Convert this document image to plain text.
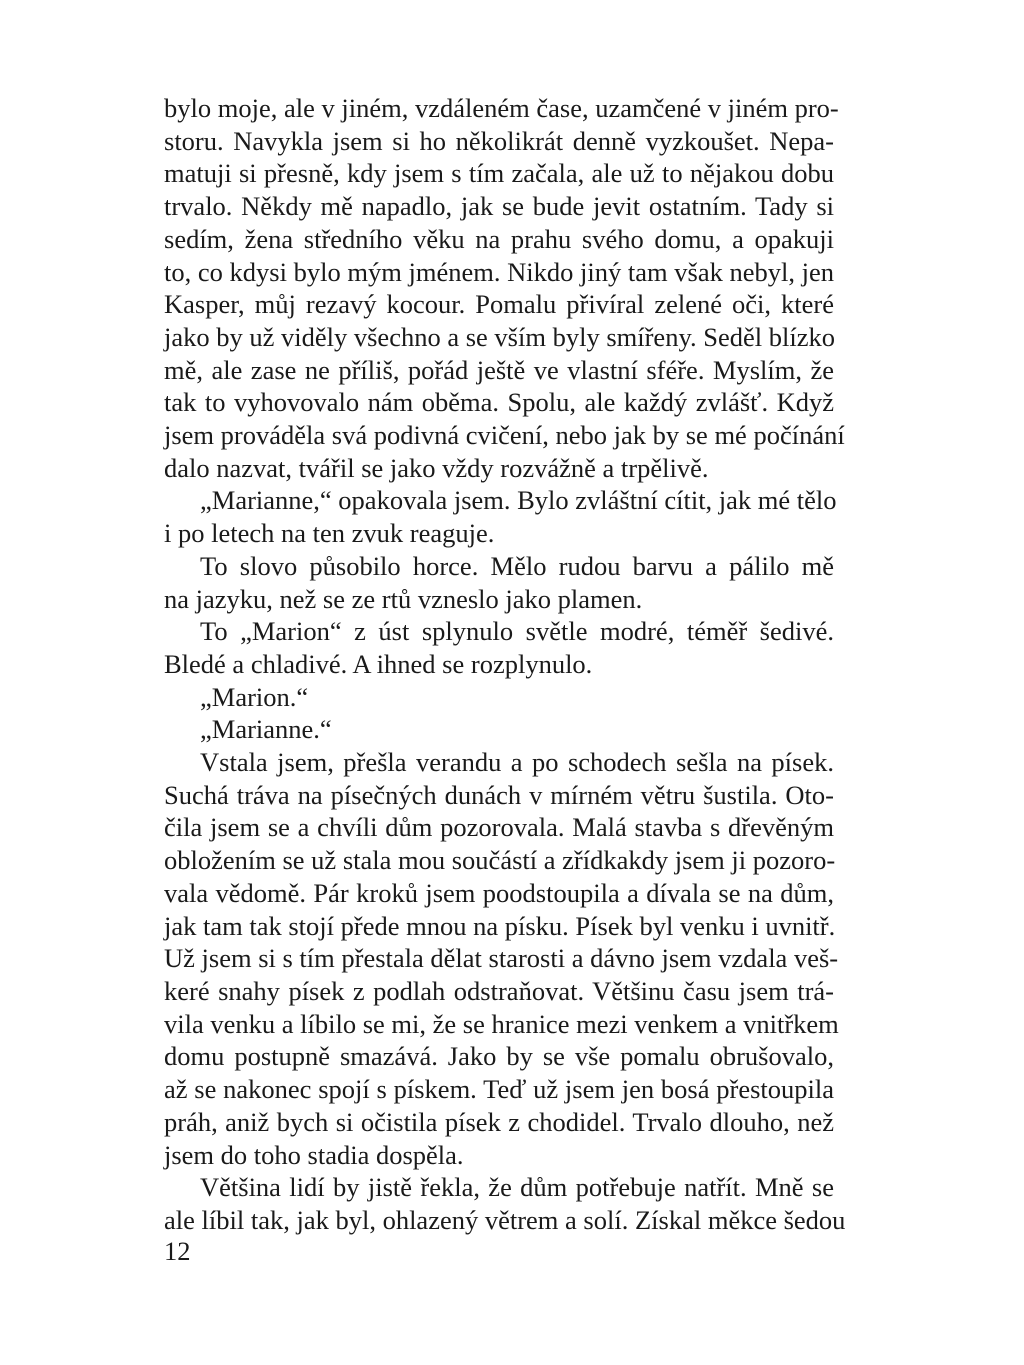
bylo moje, ale v jiném, vzdáleném čase, uzamčené v jiném pro-
storu. Navykla jsem si ho několikrát denně vyzkoušet. Nepa-
matuji si přesně, kdy jsem s tím začala, ale už to nějakou dobu
trvalo. Někdy mě napadlo, jak se bude jevit ostatním. Tady si
sedím, žena středního věku na prahu svého domu, a opakuji
to, co kdysi bylo mým jménem. Nikdo jiný tam však nebyl, jen
Kasper, můj rezavý kocour. Pomalu přivíral zelené oči, které
jako by už viděly všechno a se vším byly smířeny. Seděl blízko
mě, ale zase ne příliš, pořád ještě ve vlastní sféře. Myslím, že
tak to vyhovovalo nám oběma. Spolu, ale každý zvlášť. Když
jsem prováděla svá podivná cvičení, nebo jak by se mé počínání
dalo nazvat, tvářil se jako vždy rozvážně a trpělivě.
„Marianne,“ opakovala jsem. Bylo zvláštní cítit, jak mé tělo
i po letech na ten zvuk reaguje.
To slovo působilo horce. Mělo rudou barvu a pálilo mě
na jazyku, než se ze rtů vzneslo jako plamen.
To „Marion“ z úst splynulo světle modré, téměř šedivé.
Bledé a chladivé. A ihned se rozplynulo.
„Marion.“
„Marianne.“
Vstala jsem, přešla verandu a po schodech sešla na písek.
Suchá tráva na písečných dunách v mírném větru šustila. Oto-
čila jsem se a chvíli dům pozorovala. Malá stavba s dřevěným
obložením se už stala mou součástí a zřídkakdy jsem ji pozoro-
vala vědomě. Pár kroků jsem poodstoupila a dívala se na dům,
jak tam tak stojí přede mnou na písku. Písek byl venku i uvnitř.
Už jsem si s tím přestala dělat starosti a dávno jsem vzdala veš-
keré snahy písek z podlah odstraňovat. Většinu času jsem trá-
vila venku a líbilo se mi, že se hranice mezi venkem a vnitřkem
domu postupně smazává. Jako by se vše pomalu obrušovalo,
až se nakonec spojí s pískem. Teď už jsem jen bosá přestoupila
práh, aniž bych si očistila písek z chodidel. Trvalo dlouho, než
jsem do toho stadia dospěla.
Většina lidí by jistě řekla, že dům potřebuje natřít. Mně se
ale líbil tak, jak byl, ohlazený větrem a solí. Získal měkce šedou
12
